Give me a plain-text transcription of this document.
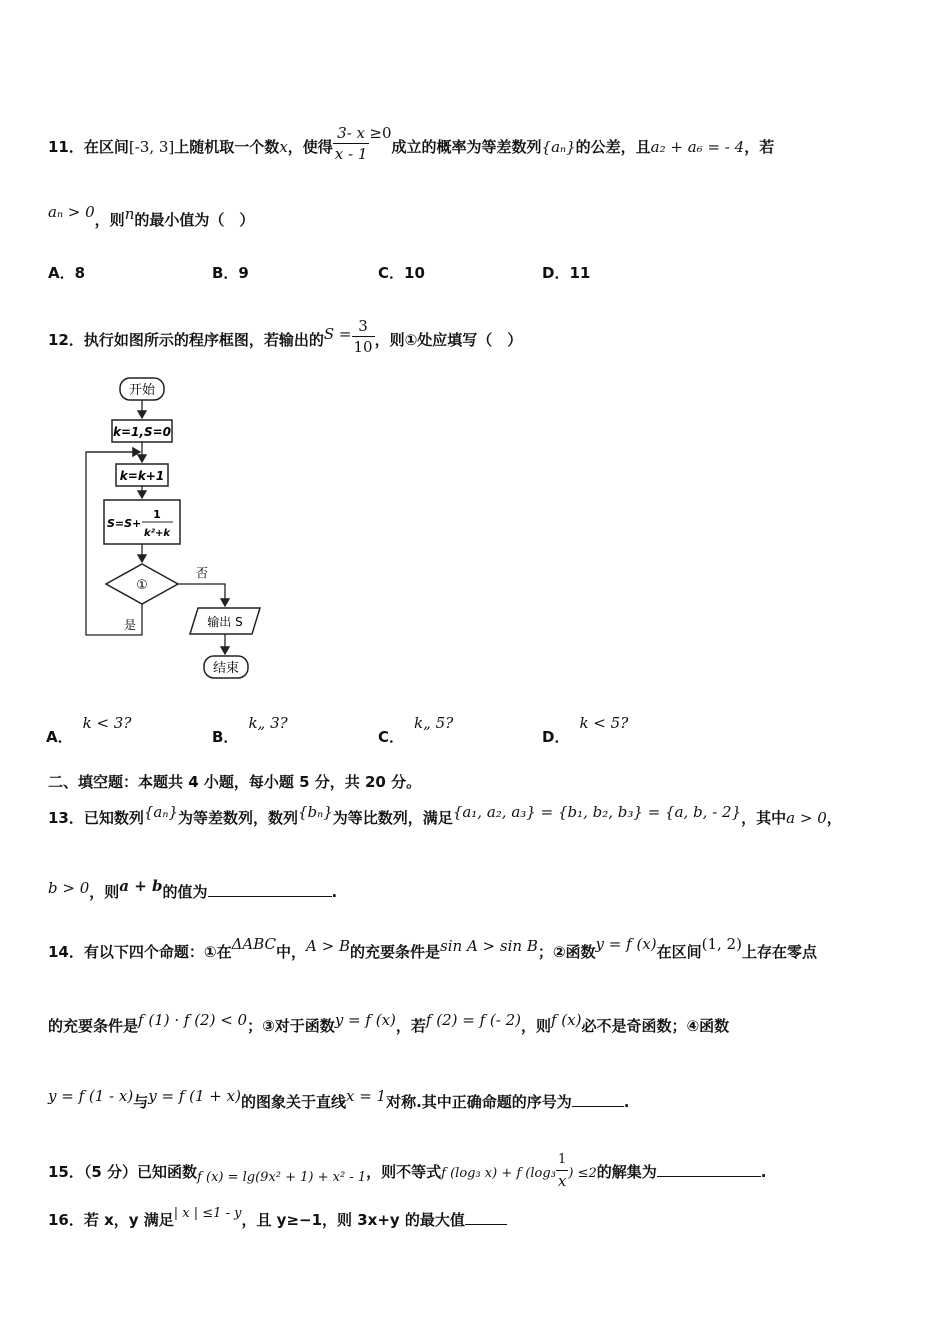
11．在区间[-3, 3]上随机取一个数x，使得 $\frac{3- x}{x - 1} \ge 0$成立的概率为等差数列{aₙ}的公差，且a₂ + a₆ = - 4，若
aₙ > 0，则n的最小值为（　）
A．8	B．9	C．10	D．11
12．执行如图所示的程序框图，若输出的$S = \frac{3}{10}$ ，则①处应填写（　）
开始
k=1,S=0
k=k+1
S=S+
1
k²+k
①
否
是	输出 S
结束
A．k < 3?
B．k„ 3?
C．k„ 5?
D．k < 5?
二、填空题：本题共 4 小题，每小题 5 分，共 20 分。
13．已知数列{aₙ}为等差数列，数列{bₙ}为等比数列，满足{a₁, a₂, a₃} = {b₁, b₂, b₃} = {a, b, - 2}，其中a > 0，
b > 0，则a + b的值为	.
14．有以下四个命题：①在ΔABC中，A > B的充要条件是sin A > sin B；②函数y = f (x)在区间(1, 2)上存在零点
的充要条件是f (1) · f (2) < 0；③对于函数y = f (x)，若f (2) = f (- 2)，则f (x)必不是奇函数；④函数
y = f (1 - x)与y = f (1 + x)的图象关于直线x = 1对称.其中正确命题的序号为	.
15．（5 分）已知函数f (x) = lg(9x² + 1) + x² - 1，则不等式f (log₃ x) + f ($\log_3 \frac{1}{x}$ ) ≤2的解集为	.
16．若 x，y 满足| x | ≤1 - y，且 y≥−1，则 3x+y 的最大值
